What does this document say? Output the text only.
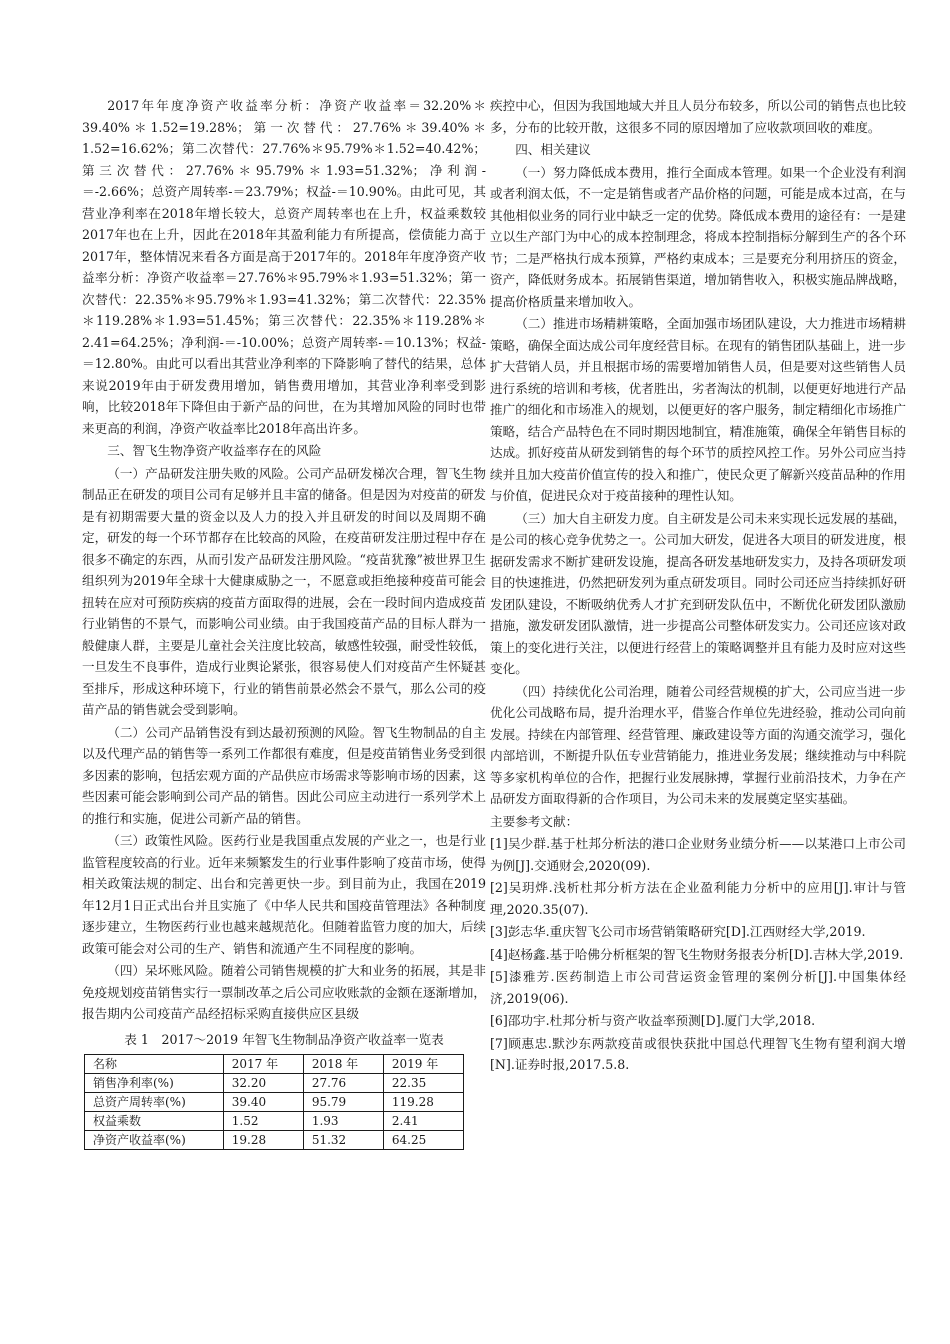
2017年年度净资产收益率分析：净资产收益率＝32.20%＊39.40%＊1.52=19.28%；第一次替代：27.76%＊39.40%＊1.52=16.62%；第二次替代：27.76%＊95.79%＊1.52=40.42%；第三次替代：27.76%＊95.79%＊1.93=51.32%；净利润-＝-2.66%；总资产周转率-＝23.79%；权益-＝10.90%。由此可见，其营业净利率在2018年增长较大，总资产周转率也在上升，权益乘数较2017年也在上升，因此在2018年其盈利能力有所提高，偿债能力高于2017年，整体情况来看各方面是高于2017年的。2018年年度净资产收益率分析：净资产收益率＝27.76%＊95.79%＊1.93=51.32%；第一次替代：22.35%＊95.79%＊1.93=41.32%；第二次替代：22.35%＊119.28%＊1.93=51.45%；第三次替代：22.35%＊119.28%＊2.41=64.25%；净利润-＝-10.00%；总资产周转率-＝10.13%；权益-＝12.80%。由此可以看出其营业净利率的下降影响了替代的结果，总体来说2019年由于研发费用增加，销售费用增加，其营业净利率受到影响，比较2018年下降但由于新产品的问世，在为其增加风险的同时也带来更高的利润，净资产收益率比2018年高出许多。

三、智飞生物净资产收益率存在的风险

（一）产品研发注册失败的风险。公司产品研发梯次合理，智飞生物制品正在研发的项目公司有足够并且丰富的储备。但是因为对疫苗的研发是有初期需要大量的资金以及人力的投入并且研发的时间以及周期不确定，研发的每一个环节都存在比较高的风险，在疫苗研发注册过程中存在很多不确定的东西，从而引发产品研发注册风险。“疫苗犹豫”被世界卫生组织列为2019年全球十大健康威胁之一，不愿意或拒绝接种疫苗可能会扭转在应对可预防疾病的疫苗方面取得的进展，会在一段时间内造成疫苗行业销售的不景气，而影响公司业绩。由于我国疫苗产品的目标人群为一般健康人群，主要是儿童社会关注度比较高，敏感性较强，耐受性较低，一旦发生不良事件，造成行业舆论紧张，很容易使人们对疫苗产生怀疑甚至排斥，形成这种环境下，行业的销售前景必然会不景气，那么公司的疫苗产品的销售就会受到影响。

（二）公司产品销售没有到达最初预测的风险。智飞生物制品的自主以及代理产品的销售等一系列工作都很有难度，但是疫苗销售业务受到很多因素的影响，包括宏观方面的产品供应市场需求等影响市场的因素，这些因素可能会影响到公司产品的销售。因此公司应主动进行一系列学术上的推行和实施，促进公司新产品的销售。

（三）政策性风险。医药行业是我国重点发展的产业之一，也是行业监管程度较高的行业。近年来频繁发生的行业事件影响了疫苗市场，使得相关政策法规的制定、出台和完善更快一步。到目前为止，我国在2019年12月1日正式出台并且实施了《中华人民共和国疫苗管理法》各种制度逐步建立，生物医药行业也越来越规范化。但随着监管力度的加大，后续政策可能会对公司的生产、销售和流通产生不同程度的影响。

（四）呆坏账风险。随着公司销售规模的扩大和业务的拓展，其是非免疫规划疫苗销售实行一票制改革之后公司应收账款的金额在逐渐增加，报告期内公司疫苗产品经招标采购直接供应区县级

表 1　2017～2019 年智飞生物制品净资产收益率一览表
名称	2017 年	2018 年	2019 年
销售净利率(%)	32.20	27.76	22.35
总资产周转率(%)	39.40	95.79	119.28
权益乘数	1.52	1.93	2.41
净资产收益率(%)	19.28	51.32	64.25

疾控中心，但因为我国地域大并且人员分布较多，所以公司的销售点也比较多，分布的比较开散，这很多不同的原因增加了应收款项回收的难度。

四、相关建议

（一）努力降低成本费用，推行全面成本管理。如果一个企业没有利润或者利润太低，不一定是销售或者产品价格的问题，可能是成本过高，在与其他相似业务的同行业中缺乏一定的优势。降低成本费用的途径有：一是建立以生产部门为中心的成本控制理念，将成本控制指标分解到生产的各个环节；二是严格执行成本预算，严格约束成本；三是要充分利用挤压的资金，资产，降低财务成本。拓展销售渠道，增加销售收入，积极实施品牌战略，提高价格质量来增加收入。

（二）推进市场精耕策略，全面加强市场团队建设，大力推进市场精耕策略，确保全面达成公司年度经营目标。在现有的销售团队基础上，进一步扩大营销人员，并且根据市场的需要增加销售人员，但是要对这些销售人员进行系统的培训和考核，优者胜出，劣者淘汰的机制，以便更好地进行产品推广的细化和市场准入的规划，以便更好的客户服务，制定精细化市场推广策略，结合产品特色在不同时期因地制宜，精准施策，确保全年销售目标的达成。抓好疫苗从研发到销售的每个环节的质控风控工作。另外公司应当持续并且加大疫苗价值宣传的投入和推广，使民众更了解新兴疫苗品种的作用与价值，促进民众对于疫苗接种的理性认知。

（三）加大自主研发力度。自主研发是公司未来实现长远发展的基础，是公司的核心竞争优势之一。公司加大研发，促进各大项目的研发进度，根据研发需求不断扩建研发设施，提高各研发基地研发实力，及持各项研发项目的快速推进，仍然把研发列为重点研发项目。同时公司还应当持续抓好研发团队建设，不断吸纳优秀人才扩充到研发队伍中，不断优化研发团队激励措施，激发研发团队激情，进一步提高公司整体研发实力。公司还应该对政策上的变化进行关注，以便进行经营上的策略调整并且有能力及时应对这些变化。

（四）持续优化公司治理，随着公司经营规模的扩大，公司应当进一步优化公司战略布局，提升治理水平，借鉴合作单位先进经验，推动公司向前发展。持续在内部管理、经营管理、廉政建设等方面的沟通交流学习，强化内部培训，不断提升队伍专业营销能力，推进业务发展；继续推动与中科院等多家机构单位的合作，把握行业发展脉搏，掌握行业前沿技术，力争在产品研发方面取得新的合作项目，为公司未来的发展奠定坚实基础。

主要参考文献：

[1]吴少群.基于杜邦分析法的港口企业财务业绩分析——以某港口上市公司为例[J].交通财会,2020(09).

[2]吴玥烨.浅析杜邦分析方法在企业盈利能力分析中的应用[J].审计与管理,2020.35(07).

[3]彭志华.重庆智飞公司市场营销策略研究[D].江西财经大学,2019.

[4]赵杨鑫.基于哈佛分析框架的智飞生物财务报表分析[D].吉林大学,2019.

[5]漆雅芳.医药制造上市公司营运资金管理的案例分析[J].中国集体经济,2019(06).

[6]邵功宇.杜邦分析与资产收益率预测[D].厦门大学,2018.

[7]顾惠忠.默沙东两款疫苗或很快获批中国总代理智飞生物有望利润大增[N].证券时报,2017.5.8.
